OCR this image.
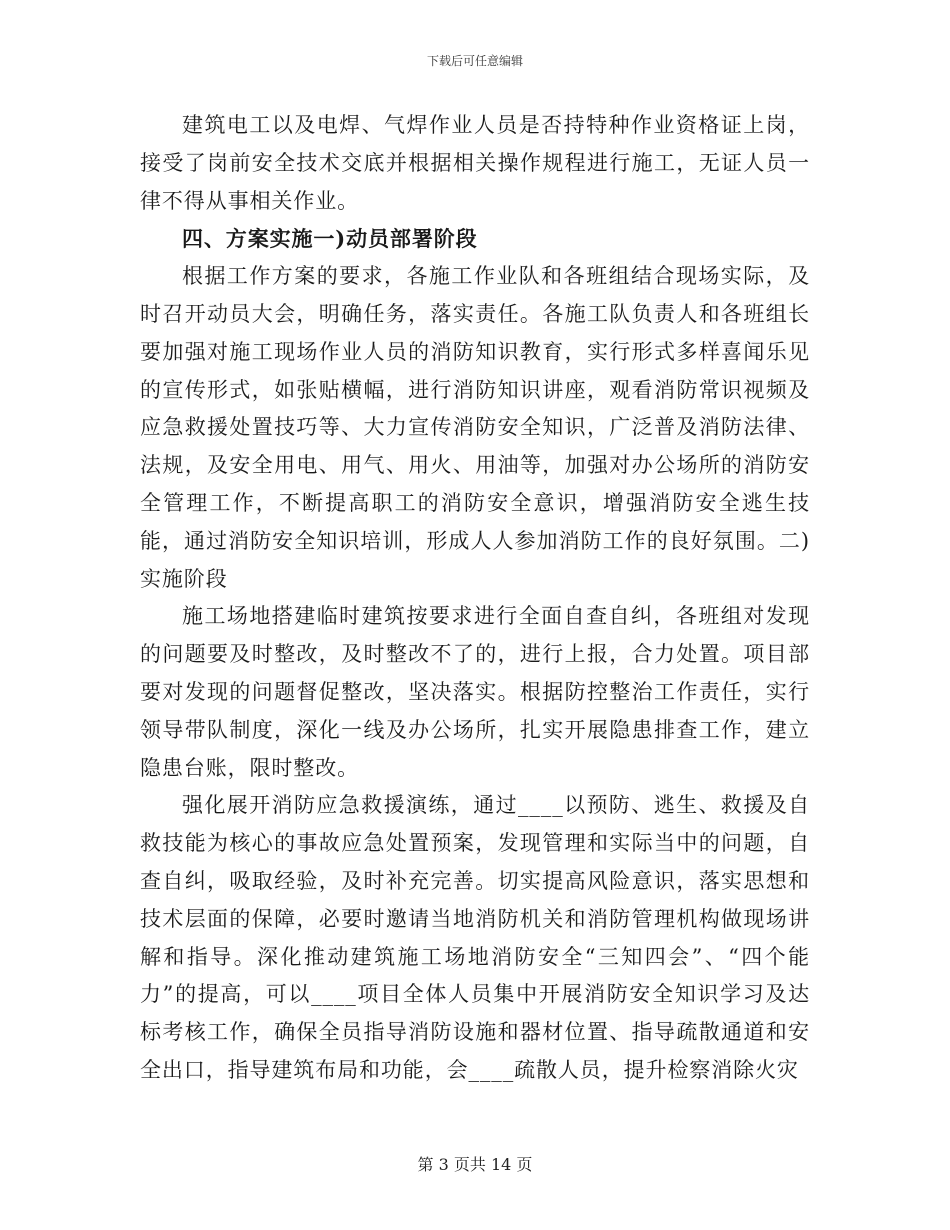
下载后可任意编辑

建筑电工以及电焊、气焊作业人员是否持特种作业资格证上岗，接受了岗前安全技术交底并根据相关操作规程进行施工，无证人员一律不得从事相关作业。

四、方案实施一)动员部署阶段

根据工作方案的要求，各施工作业队和各班组结合现场实际，及时召开动员大会，明确任务，落实责任。各施工队负责人和各班组长要加强对施工现场作业人员的消防知识教育，实行形式多样喜闻乐见的宣传形式，如张贴横幅，进行消防知识讲座，观看消防常识视频及应急救援处置技巧等、大力宣传消防安全知识，广泛普及消防法律、法规，及安全用电、用气、用火、用油等，加强对办公场所的消防安全管理工作，不断提高职工的消防安全意识，增强消防安全逃生技能，通过消防安全知识培训，形成人人参加消防工作的良好氛围。二)实施阶段

施工场地搭建临时建筑按要求进行全面自查自纠，各班组对发现的问题要及时整改，及时整改不了的，进行上报，合力处置。项目部要对发现的问题督促整改，坚决落实。根据防控整治工作责任，实行领导带队制度，深化一线及办公场所，扎实开展隐患排查工作，建立隐患台账，限时整改。

强化展开消防应急救援演练，通过____以预防、逃生、救援及自救技能为核心的事故应急处置预案，发现管理和实际当中的问题，自查自纠，吸取经验，及时补充完善。切实提高风险意识，落实思想和技术层面的保障，必要时邀请当地消防机关和消防管理机构做现场讲解和指导。深化推动建筑施工场地消防安全“三知四会”、“四个能力”的提高，可以____项目全体人员集中开展消防安全知识学习及达标考核工作，确保全员指导消防设施和器材位置、指导疏散通道和安全出口，指导建筑布局和功能，会____疏散人员，提升检察消除火灾

第 3 页共 14 页
